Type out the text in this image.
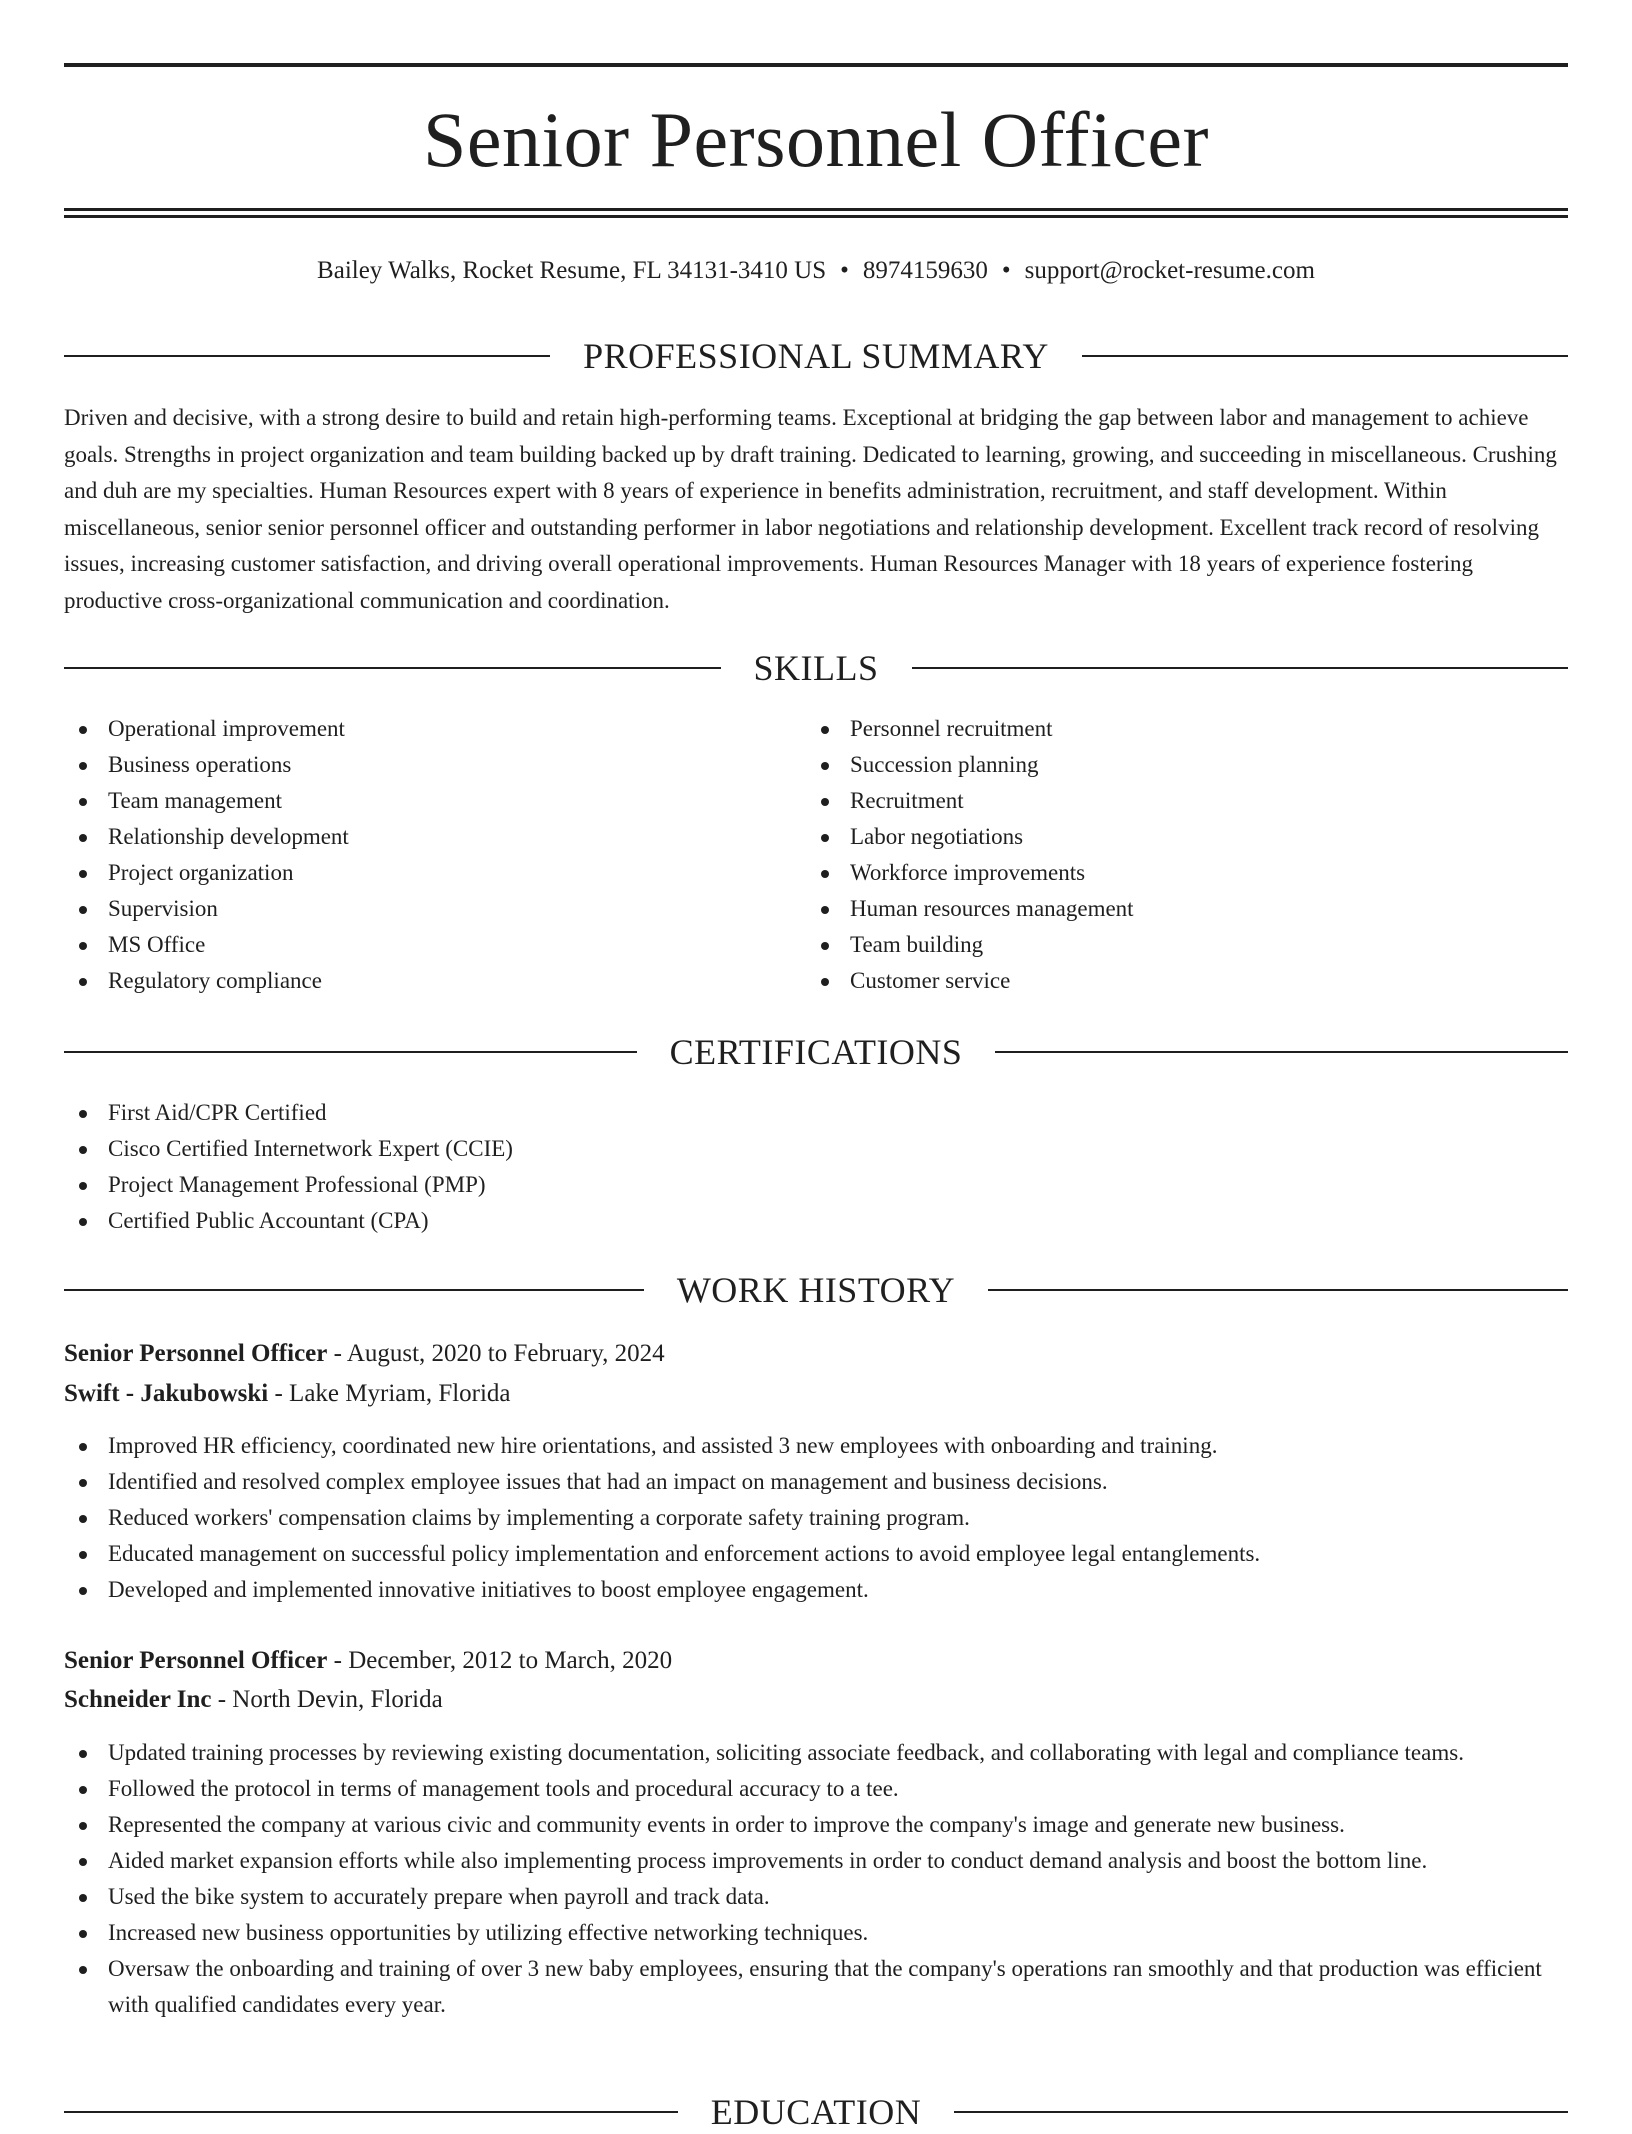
Senior Personnel Officer
Bailey Walks, Rocket Resume, FL 34131-3410 US • 8974159630 • support@rocket-resume.com
PROFESSIONAL SUMMARY

Driven and decisive, with a strong desire to build and retain high-performing teams. Exceptional at bridging the gap between labor and management to achieve goals. Strengths in project organization and team building backed up by draft training. Dedicated to learning, growing, and succeeding in miscellaneous. Crushing and duh are my specialties. Human Resources expert with 8 years of experience in benefits administration, recruitment, and staff development. Within miscellaneous, senior senior personnel officer and outstanding performer in labor negotiations and relationship development. Excellent track record of resolving issues, increasing customer satisfaction, and driving overall operational improvements. Human Resources Manager with 18 years of experience fostering productive cross-organizational communication and coordination.

SKILLS
Operational improvement
Business operations
Team management
Relationship development
Project organization
Supervision
MS Office
Regulatory compliance
Personnel recruitment
Succession planning
Recruitment
Labor negotiations
Workforce improvements
Human resources management
Team building
Customer service
CERTIFICATIONS
First Aid/CPR Certified
Cisco Certified Internetwork Expert (CCIE)
Project Management Professional (PMP)
Certified Public Accountant (CPA)
WORK HISTORY
Senior Personnel Officer - August, 2020 to February, 2024
Swift - Jakubowski - Lake Myriam, Florida
Improved HR efficiency, coordinated new hire orientations, and assisted 3 new employees with onboarding and training.
Identified and resolved complex employee issues that had an impact on management and business decisions.
Reduced workers' compensation claims by implementing a corporate safety training program.
Educated management on successful policy implementation and enforcement actions to avoid employee legal entanglements.
Developed and implemented innovative initiatives to boost employee engagement.
Senior Personnel Officer - December, 2012 to March, 2020
Schneider Inc - North Devin, Florida
Updated training processes by reviewing existing documentation, soliciting associate feedback, and collaborating with legal and compliance teams.
Followed the protocol in terms of management tools and procedural accuracy to a tee.
Represented the company at various civic and community events in order to improve the company's image and generate new business.
Aided market expansion efforts while also implementing process improvements in order to conduct demand analysis and boost the bottom line.
Used the bike system to accurately prepare when payroll and track data.
Increased new business opportunities by utilizing effective networking techniques.
Oversaw the onboarding and training of over 3 new baby employees, ensuring that the company's operations ran smoothly and that production was efficient with qualified candidates every year.
EDUCATION
